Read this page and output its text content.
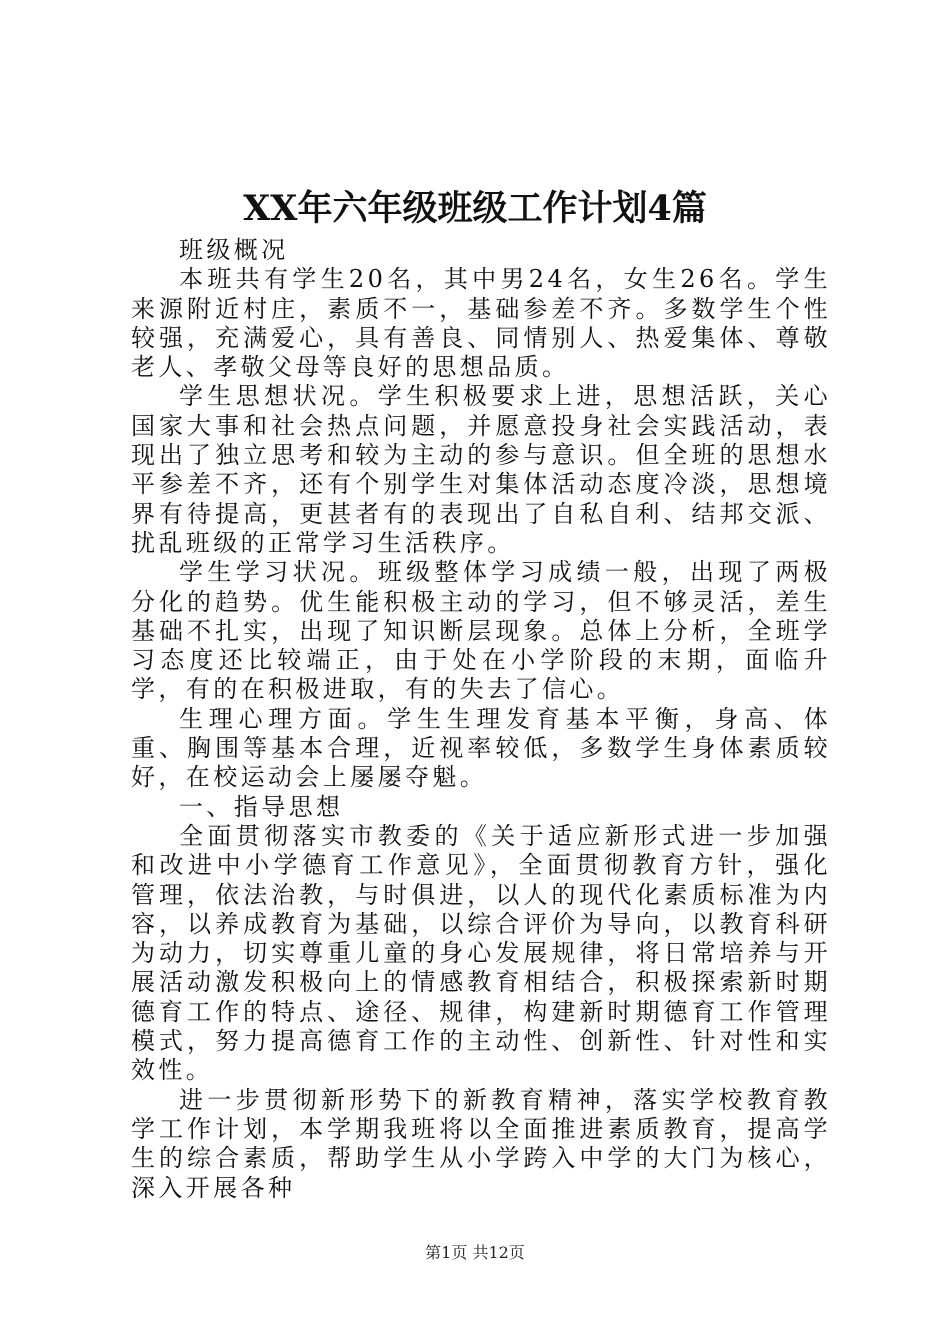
XX年六年级班级工作计划4篇

班级概况

本班共有学生20名，其中男24名，女生26名。学生来源附近村庄，素质不一，基础参差不齐。多数学生个性较强，充满爱心，具有善良、同情别人、热爱集体、尊敬老人、孝敬父母等良好的思想品质。

学生思想状况。学生积极要求上进，思想活跃，关心国家大事和社会热点问题，并愿意投身社会实践活动，表现出了独立思考和较为主动的参与意识。但全班的思想水平参差不齐，还有个别学生对集体活动态度冷淡，思想境界有待提高，更甚者有的表现出了自私自利、结邦交派、扰乱班级的正常学习生活秩序。

学生学习状况。班级整体学习成绩一般，出现了两极分化的趋势。优生能积极主动的学习，但不够灵活，差生基础不扎实，出现了知识断层现象。总体上分析，全班学习态度还比较端正，由于处在小学阶段的末期，面临升学，有的在积极进取，有的失去了信心。

生理心理方面。学生生理发育基本平衡，身高、体重、胸围等基本合理，近视率较低，多数学生身体素质较好，在校运动会上屡屡夺魁。

一、指导思想

全面贯彻落实市教委的《关于适应新形式进一步加强和改进中小学德育工作意见》，全面贯彻教育方针，强化管理，依法治教，与时俱进，以人的现代化素质标准为内容，以养成教育为基础，以综合评价为导向，以教育科研为动力，切实尊重儿童的身心发展规律，将日常培养与开展活动激发积极向上的情感教育相结合，积极探索新时期德育工作的特点、途径、规律，构建新时期德育工作管理模式，努力提高德育工作的主动性、创新性、针对性和实效性。

进一步贯彻新形势下的新教育精神，落实学校教育教学工作计划，本学期我班将以全面推进素质教育，提高学生的综合素质，帮助学生从小学跨入中学的大门为核心，深入开展各种

第1页 共12页
